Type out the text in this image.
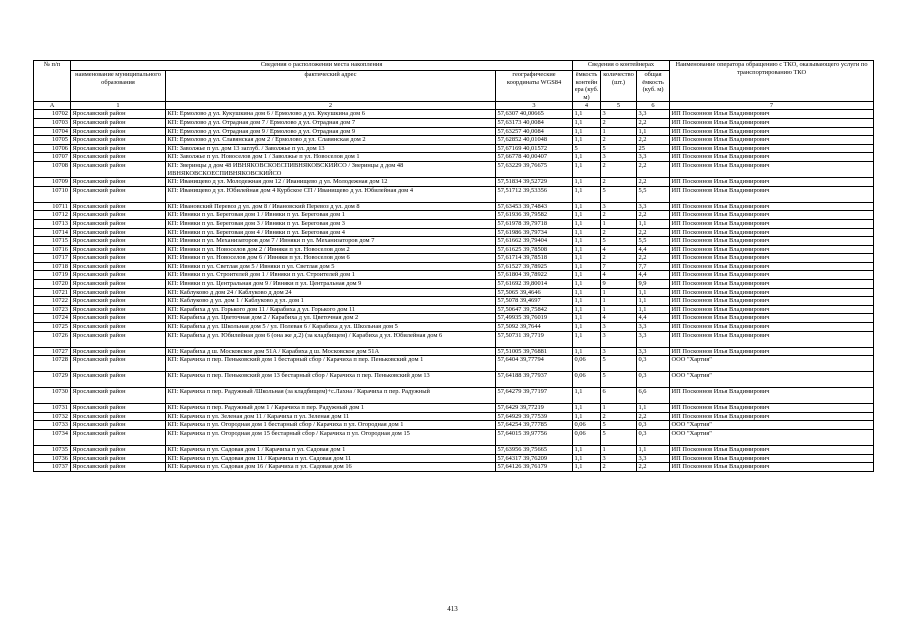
№ п/п	Сведения о расположении места накопления			Сведения о контейнерах			Наименование оператора обращению с ТКО, оказывающего услуги по транспортированию ТКО
	наименование муниципального образования	фактический адрес	географические координаты WGS84	ёмкость контейнера (куб. м)	количество (шт.)	общая ёмкость (куб. м)	
A	1	2	3	4	5	6	7
10702	Ярославский район	КП: Ермолово д ул. Кукушкина дом 6 / Ермолово д ул. Кукушкина дом 6	57,6307 40,00665	1,1	3	3,3	ИП Посконнов Илья Владимирович
10703	Ярославский район	КП: Ермолово д ул. Отрадная дом 7 / Ермолово д ул. Отрадная дом 7	57,63173 40,0084	1,1	2	2,2	ИП Посконнов Илья Владимирович
10704	Ярославский район	КП: Ермолово д ул. Отрадная дом 9 / Ермолово д ул. Отрадная дом 9	57,63257 40,0084	1,1	1	1,1	ИП Посконнов Илья Владимирович
10705	Ярославский район	КП: Ермолово д ул. Славянская дом 2 / Ермолово д ул. Славянская дом 2	57,62852 40,01048	1,1	2	2,2	ИП Посконнов Илья Владимирович
10706	Ярославский район	КП: Заволжье п ул. дом 13 заглуб. / Заволжье п ул. дом 13	57,67169 40,01572	5	5	25	ИП Посконнов Илья Владимирович
10707	Ярославский район	КП: Заволжье п ул. Новоселов дом 1 / Заволжье п ул. Новоселов дом 1	57,66778 40,00407	1,1	3	3,3	ИП Посконнов Илья Владимирович
10708	Ярославский район	КП: Зверинцы д дом 48 ИВНЯКОВСКОЕСПИВНЯКОВСКИЙСО / Зверинцы д дом 48 ИВНЯКОВСКОЕСПИВНЯКОВСКИЙСО	57,63229 39,76675	1,1	2	2,2	ИП Посконнов Илья Владимирович
10709	Ярославский район	КП: Иванищево д ул. Молодежная дом 12 / Иванищево д ул. Молодежная дом 12	57,51834 39,52729	1,1	2	2,2	ИП Посконнов Илья Владимирович
10710	Ярославский район	КП: Иванищево д ул. Юбилейная дом 4 Курбское СП / Иванищево д ул. Юбилейная дом 4	57,51712 39,53356	1,1	5	5,5	ИП Посконнов Илья Владимирович
10711	Ярославский район	КП: Ивановский Перевоз д ул. дом 8 / Ивановский Перевоз д ул. дом 8	57,63453 39,74843	1,1	3	3,3	ИП Посконнов Илья Владимирович
10712	Ярославский район	КП: Ивняки п ул. Береговая дом 1 / Ивняки п ул. Береговая дом 1	57,61936 39,79582	1,1	2	2,2	ИП Посконнов Илья Владимирович
10713	Ярославский район	КП: Ивняки п ул. Береговая дом 3 / Ивняки п ул. Береговая дом 3	57,61978 39,79718	1,1	1	1,1	ИП Посконнов Илья Владимирович
10714	Ярославский район	КП: Ивняки п ул. Береговая дом 4 / Ивняки п ул. Береговая дом 4	57,61986 39,79734	1,1	2	2,2	ИП Посконнов Илья Владимирович
10715	Ярославский район	КП: Ивняки п ул. Механизаторов дом 7 / Ивняки п ул. Механизаторов дом 7	57,61662 39,79404	1,1	5	5,5	ИП Посконнов Илья Владимирович
10716	Ярославский район	КП: Ивняки п ул. Новоселов дом 2 / Ивняки п ул. Новоселов дом 2	57,61625 39,78508	1,1	4	4,4	ИП Посконнов Илья Владимирович
10717	Ярославский район	КП: Ивняки п ул. Новоселов дом 6 / Ивняки п ул. Новоселов дом 6	57,61714 39,78518	1,1	2	2,2	ИП Посконнов Илья Владимирович
10718	Ярославский район	КП: Ивняки п ул. Светлая дом 5 / Ивняки п ул. Светлая дом 5	57,61527 39,78925	1,1	7	7,7	ИП Посконнов Илья Владимирович
10719	Ярославский район	КП: Ивняки п ул. Строителей дом 1 / Ивняки п ул. Строителей дом 1	57,61804 39,78922	1,1	4	4,4	ИП Посконнов Илья Владимирович
10720	Ярославский район	КП: Ивняки п ул. Центральная дом 9 / Ивняки п ул. Центральная дом 9	57,61692 39,80014	1,1	9	9,9	ИП Посконнов Илья Владимирович
10721	Ярославский район	КП: Каблуково д дом 24 / Каблуково д дом 24	57,5065 39,4646	1,1	1	1,1	ИП Посконнов Илья Владимирович
10722	Ярославский район	КП: Каблуково д ул. дом 1 / Каблуково д ул. дом 1	57,5078 39,4697	1,1	1	1,1	ИП Посконнов Илья Владимирович
10723	Ярославский район	КП: Карабиха д ул. Горького дом 11 / Карабиха д ул. Горького дом 11	57,50647 39,75842	1,1	1	1,1	ИП Посконнов Илья Владимирович
10724	Ярославский район	КП: Карабиха д ул. Цветочная дом 2 / Карабиха д ул. Цветочная дом 2	57,49935 39,76019	1,1	4	4,4	ИП Посконнов Илья Владимирович
10725	Ярославский район	КП: Карабиха д ул. Школьная дом 5 / ул. Полевая 6 / Карабиха д ул. Школьная дом 5	57,5092 39,7644	1,1	3	3,3	ИП Посконнов Илья Владимирович
10726	Ярославский район	КП: Карабиха д ул. Юбилейная дом 6 (она же д.2) (за кладбищем) / Карабиха д ул. Юбилейная дом 6	57,50731 39,7719	1,1	3	3,3	ИП Посконнов Илья Владимирович
10727	Ярославский район	КП: Карабиха д ш. Московское дом 51А / Карабиха д ш. Московское дом 51А	57,51005 39,76881	1,1	3	3,3	ИП Посконнов Илья Владимирович
10728	Ярославский район	КП: Карачиха п пер. Пеньковский дом 1 бестарный сбор / Карачиха п пер. Пеньковский дом 1	57,6404 39,77794	0,06	5	0,3	ООО "Хартия"
10729	Ярославский район	КП: Карачиха п пер. Пеньковский дом 13 бестарный сбор / Карачиха п пер. Пеньковский дом 13	57,64188 39,77937	0,06	5	0,3	ООО "Хартия"
10730	Ярославский район	КП: Карачиха п пер. Радужный /Школьная (за кладбищем)+с.Лахна / Карачиха п пер. Радужный	57,64279 39,77197	1,1	6	6,6	ИП Посконнов Илья Владимирович
10731	Ярославский район	КП: Карачиха п пер. Радужный дом 1 / Карачиха п пер. Радужный дом 1	57,6429 39,77219	1,1	1	1,1	ИП Посконнов Илья Владимирович
10732	Ярославский район	КП: Карачиха п ул. Зеленая дом 11 / Карачиха п ул. Зеленая дом 11	57,64929 39,77539	1,1	2	2,2	ИП Посконнов Илья Владимирович
10733	Ярославский район	КП: Карачиха п ул. Огородная дом 1 бестарный сбор / Карачиха п ул. Огородная дом 1	57,64254 39,77785	0,06	5	0,3	ООО "Хартия"
10734	Ярославский район	КП: Карачиха п ул. Огородная дом 15 бестарный сбор / Карачиха п ул. Огородная дом 15	57,64015 39,97756	0,06	5	0,3	ООО "Хартия"
10735	Ярославский район	КП: Карачиха п ул. Садовая дом 1 / Карачиха п ул. Садовая дом 1	57,63956 39,75665	1,1	1	1,1	ИП Посконнов Илья Владимирович
10736	Ярославский район	КП: Карачиха п ул. Садовая дом 11 / Карачиха п ул. Садовая дом 11	57,64317 39,76209	1,1	3	3,3	ИП Посконнов Илья Владимирович
10737	Ярославский район	КП: Карачиха п ул. Садовая дом 16 / Карачиха п ул. Садовая дом 16	57,64126 39,76179	1,1	2	2,2	ИП Посконнов Илья Владимирович
413
